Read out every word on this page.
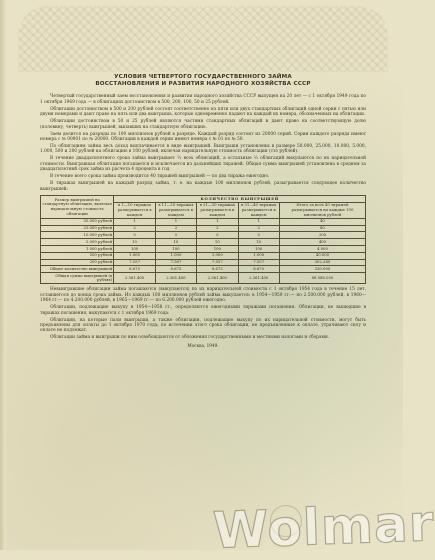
УСЛОВИЯ ЧЕТВЕРТОГО ГОСУДАРСТВЕННОГО ЗАЙМА
ВОССТАНОВЛЕНИЯ И РАЗВИТИЯ НАРОДНОГО ХОЗЯЙСТВА СССР

Четвертый государственный заем восстановления и развития народного хозяйства СССР выпущен на 20 лет — с 1 октября 1949 года по 1 октября 1969 года — в облигациях достоинством в 500, 200, 100, 50 и 25 рублей.

Облигации достоинством в 500 и 200 рублей состоят соответственно из пяти или двух стандартных облигаций одной серии с пятью или двумя номерами и дают право на пять или два выигрыша, которые одновременно падают на каждый их номера, обозначенных на облигации.

Облигации достоинством в 50 и 25 рублей являются частями стандартных облигаций и дают право на соответствующую долю (половину, четверть) выигрышей, выпавших на стандартную облигацию.

Заем делится на разряды по 100 миллионов рублей в разряде. Каждый разряд состоит из 20000 серий. Серии каждого разряда имеют номера с № 00001 по № 20000. Облигации в каждой серии имеют номера с № 01 по № 50.

По облигациям займа весь доход выплачивается в виде выигрышей. Выигрыши установлены в размере 50.000, 25.000, 10.000, 5.000, 1.000, 500 и 200 рублей на облигацию в 100 рублей, включая нарицательную стоимость облигации (сто рублей).

В течение двадцатилетнего срока займа выигрывает ⅓ всех облигаций, а остальные ⅔ облигаций выкупаются по их нарицательной стоимости. Выигравшая облигация погашается и исключается из дальнейших тиражей. Общая сумма выигрышей установлена в среднем за двадцатилетний срок займа из расчета 4 процента в год.

В течение всего срока займа производится 40 тиражей выигрышей — по два тиража ежегодно.

В тиражах выигрышей на каждый разряд займа, т. е. на каждые 100 миллионов рублей, разыгрывается следующее количество выигрышей:

Размер выигрышей на стандартную облигацию, включая нарицательную стоимость облигации	КОЛИЧЕСТВО ВЫИГРЫШЕЙ				
	в 1—10 тиражах разыгрывается в каждом	в 11—20 тиражах разыгрывается в каждом	в 21—30 тиражах разыгрывается в каждом	в 31—40 тиражах разыгрывается в каждом	Итого за всех 40 тиражей разыгрывается на каждые 100 миллионов рублей
50.000 рублей	1	1	1	1	40
25.000 рублей	2	2	2	2	80
10.000 рублей	5	5	5	5	200
5.000 рублей	10	10	10	10	400
1.000 рублей	100	100	100	100	4.000
500 рублей	1.000	1.000	1.000	1.000	40.000
200 рублей	7.557	7.567	7.557	7.557	302.280
Общее количество выигрышей	8.675	8.675	8.675	8.675	330.000
Общая сумма выигрышей (в рублях)	2.361.400	2.361.400	2.361.400	2.361.400	88.088.000

Невыигравшие облигации займа погашаются (выкупаются) по их нарицательной стоимости с 1 октября 1954 года в течение 15 лет, оставшегося до конца срока займа. Из каждых 100 миллионов рублей займа выкупается: в 1954—1959 гг.— по 2.500.000 рублей, в 1960—1964 гг.— по 4.200.000 рублей, в 1965—1969 гг.— по 6.200.000 рублей ежегодно.

Облигации, подлежащие выкупу в 1954—1958 гг., определяются ежегодными тиражами погашения. Облигации, не вышедшие в тиражах погашения, выкупаются с 1 октября 1969 года.

Облигации, на которые пали выигрыши, а также облигации, подлежащие выкупу по их нарицательной стоимости, могут быть предъявлены для оплаты до 1 октября 1970 года; по истечении этого срока облигации, не предъявленные к оплате, утрачивают силу и оплате не подлежат.

Облигации займа и выигрыши по ним освобождаются от обложения государственными и местными налогами и сборами.

Москва, 1949.
Wolmar
